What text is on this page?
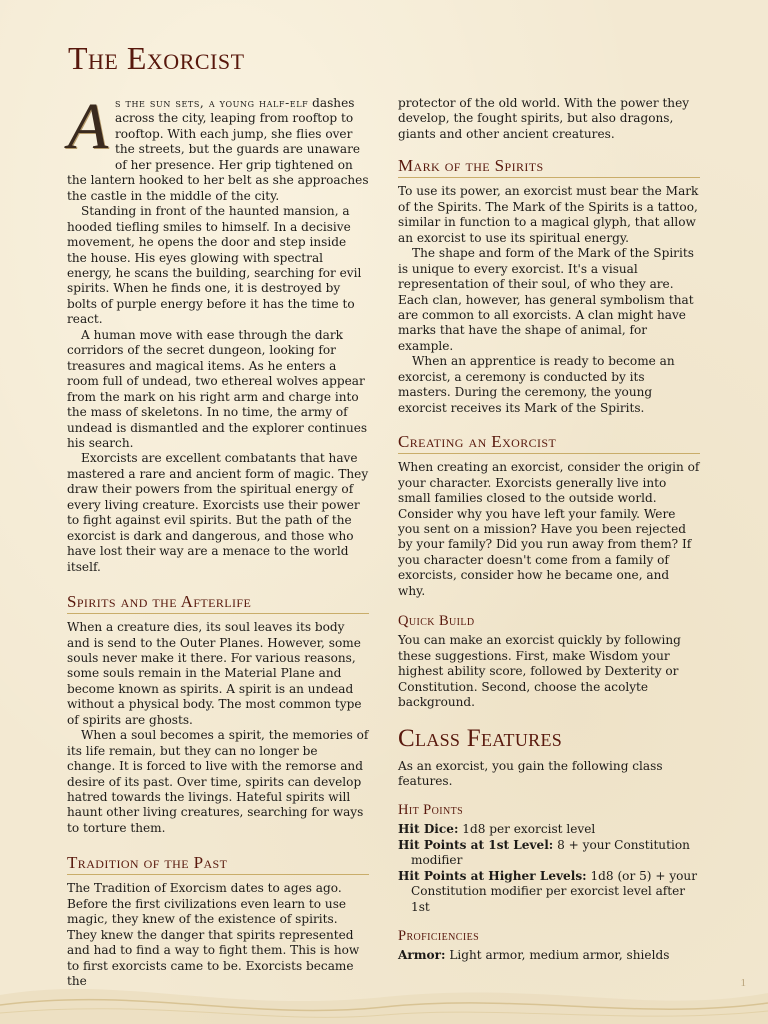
The Exorcist

A s the sun sets, a young half-elf dashes across the city, leaping from rooftop to rooftop. With each jump, she flies over the streets, but the guards are unaware of her presence. Her grip tightened on the lantern hooked to her belt as she approaches the castle in the middle of the city.

Standing in front of the haunted mansion, a hooded tiefling smiles to himself. In a decisive movement, he opens the door and step inside the house. His eyes glowing with spectral energy, he scans the building, searching for evil spirits. When he finds one, it is destroyed by bolts of purple energy before it has the time to react.

A human move with ease through the dark corridors of the secret dungeon, looking for treasures and magical items. As he enters a room full of undead, two ethereal wolves appear from the mark on his right arm and charge into the mass of skeletons. In no time, the army of undead is dismantled and the explorer continues his search.

Exorcists are excellent combatants that have mastered a rare and ancient form of magic. They draw their powers from the spiritual energy of every living creature. Exorcists use their power to fight against evil spirits. But the path of the exorcist is dark and dangerous, and those who have lost their way are a menace to the world itself.

Spirits and the Afterlife

When a creature dies, its soul leaves its body and is send to the Outer Planes. However, some souls never make it there. For various reasons, some souls remain in the Material Plane and become known as spirits. A spirit is an undead without a physical body. The most common type of spirits are ghosts.

When a soul becomes a spirit, the memories of its life remain, but they can no longer be change. It is forced to live with the remorse and desire of its past. Over time, spirits can develop hatred towards the livings. Hateful spirits will haunt other living creatures, searching for ways to torture them.

Tradition of the Past

The Tradition of Exorcism dates to ages ago. Before the first civilizations even learn to use magic, they knew of the existence of spirits. They knew the danger that spirits represented and had to find a way to fight them. This is how to first exorcists came to be. Exorcists became the

protector of the old world. With the power they develop, the fought spirits, but also dragons, giants and other ancient creatures.

Mark of the Spirits

To use its power, an exorcist must bear the Mark of the Spirits. The Mark of the Spirits is a tattoo, similar in function to a magical glyph, that allow an exorcist to use its spiritual energy.

The shape and form of the Mark of the Spirits is unique to every exorcist. It's a visual representation of their soul, of who they are. Each clan, however, has general symbolism that are common to all exorcists. A clan might have marks that have the shape of animal, for example.

When an apprentice is ready to become an exorcist, a ceremony is conducted by its masters. During the ceremony, the young exorcist receives its Mark of the Spirits.

Creating an Exorcist

When creating an exorcist, consider the origin of your character. Exorcists generally live into small families closed to the outside world. Consider why you have left your family. Were you sent on a mission? Have you been rejected by your family? Did you run away from them? If you character doesn't come from a family of exorcists, consider how he became one, and why.

Quick Build

You can make an exorcist quickly by following these suggestions. First, make Wisdom your highest ability score, followed by Dexterity or Constitution. Second, choose the acolyte background.

Class Features

As an exorcist, you gain the following class features.

Hit Points
Hit Dice: 1d8 per exorcist level
Hit Points at 1st Level: 8 + your Constitution modifier
Hit Points at Higher Levels: 1d8 (or 5) + your Constitution modifier per exorcist level after 1st
Proficiencies
Armor: Light armor, medium armor, shields
1
